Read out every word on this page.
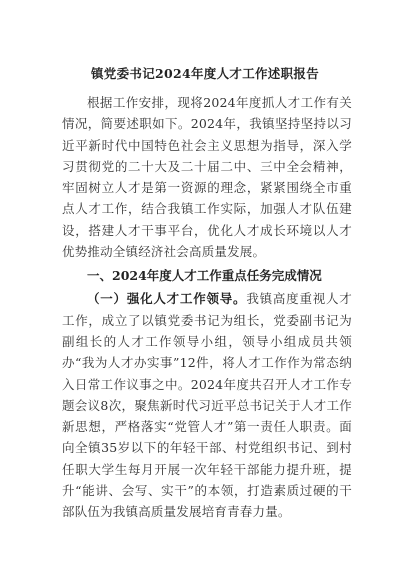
镇党委书记2024年度人才工作述职报告

根据工作安排，现将2024年度抓人才工作有关情况，简要述职如下。2024年，我镇坚持坚持以习近平新时代中国特色社会主义思想为指导，深入学习贯彻党的二十大及二十届二中、三中全会精神，牢固树立人才是第一资源的理念，紧紧围绕全市重点人才工作，结合我镇工作实际，加强人才队伍建设，搭建人才干事平台，优化人才成长环境以人才优势推动全镇经济社会高质量发展。

一、2024年度人才工作重点任务完成情况

（一）强化人才工作领导。我镇高度重视人才工作，成立了以镇党委书记为组长，党委副书记为副组长的人才工作领导小组，领导小组成员共领办“我为人才办实事”12件，将人才工作作为常态纳入日常工作议事之中。2024年度共召开人才工作专题会议8次，聚焦新时代习近平总书记关于人才工作新思想，严格落实“党管人才”第一责任人职责。面向全镇35岁以下的年轻干部、村党组织书记、到村任职大学生每月开展一次年轻干部能力提升班，提升“能讲、会写、实干”的本领，打造素质过硬的干部队伍为我镇高质量发展培育青春力量。
